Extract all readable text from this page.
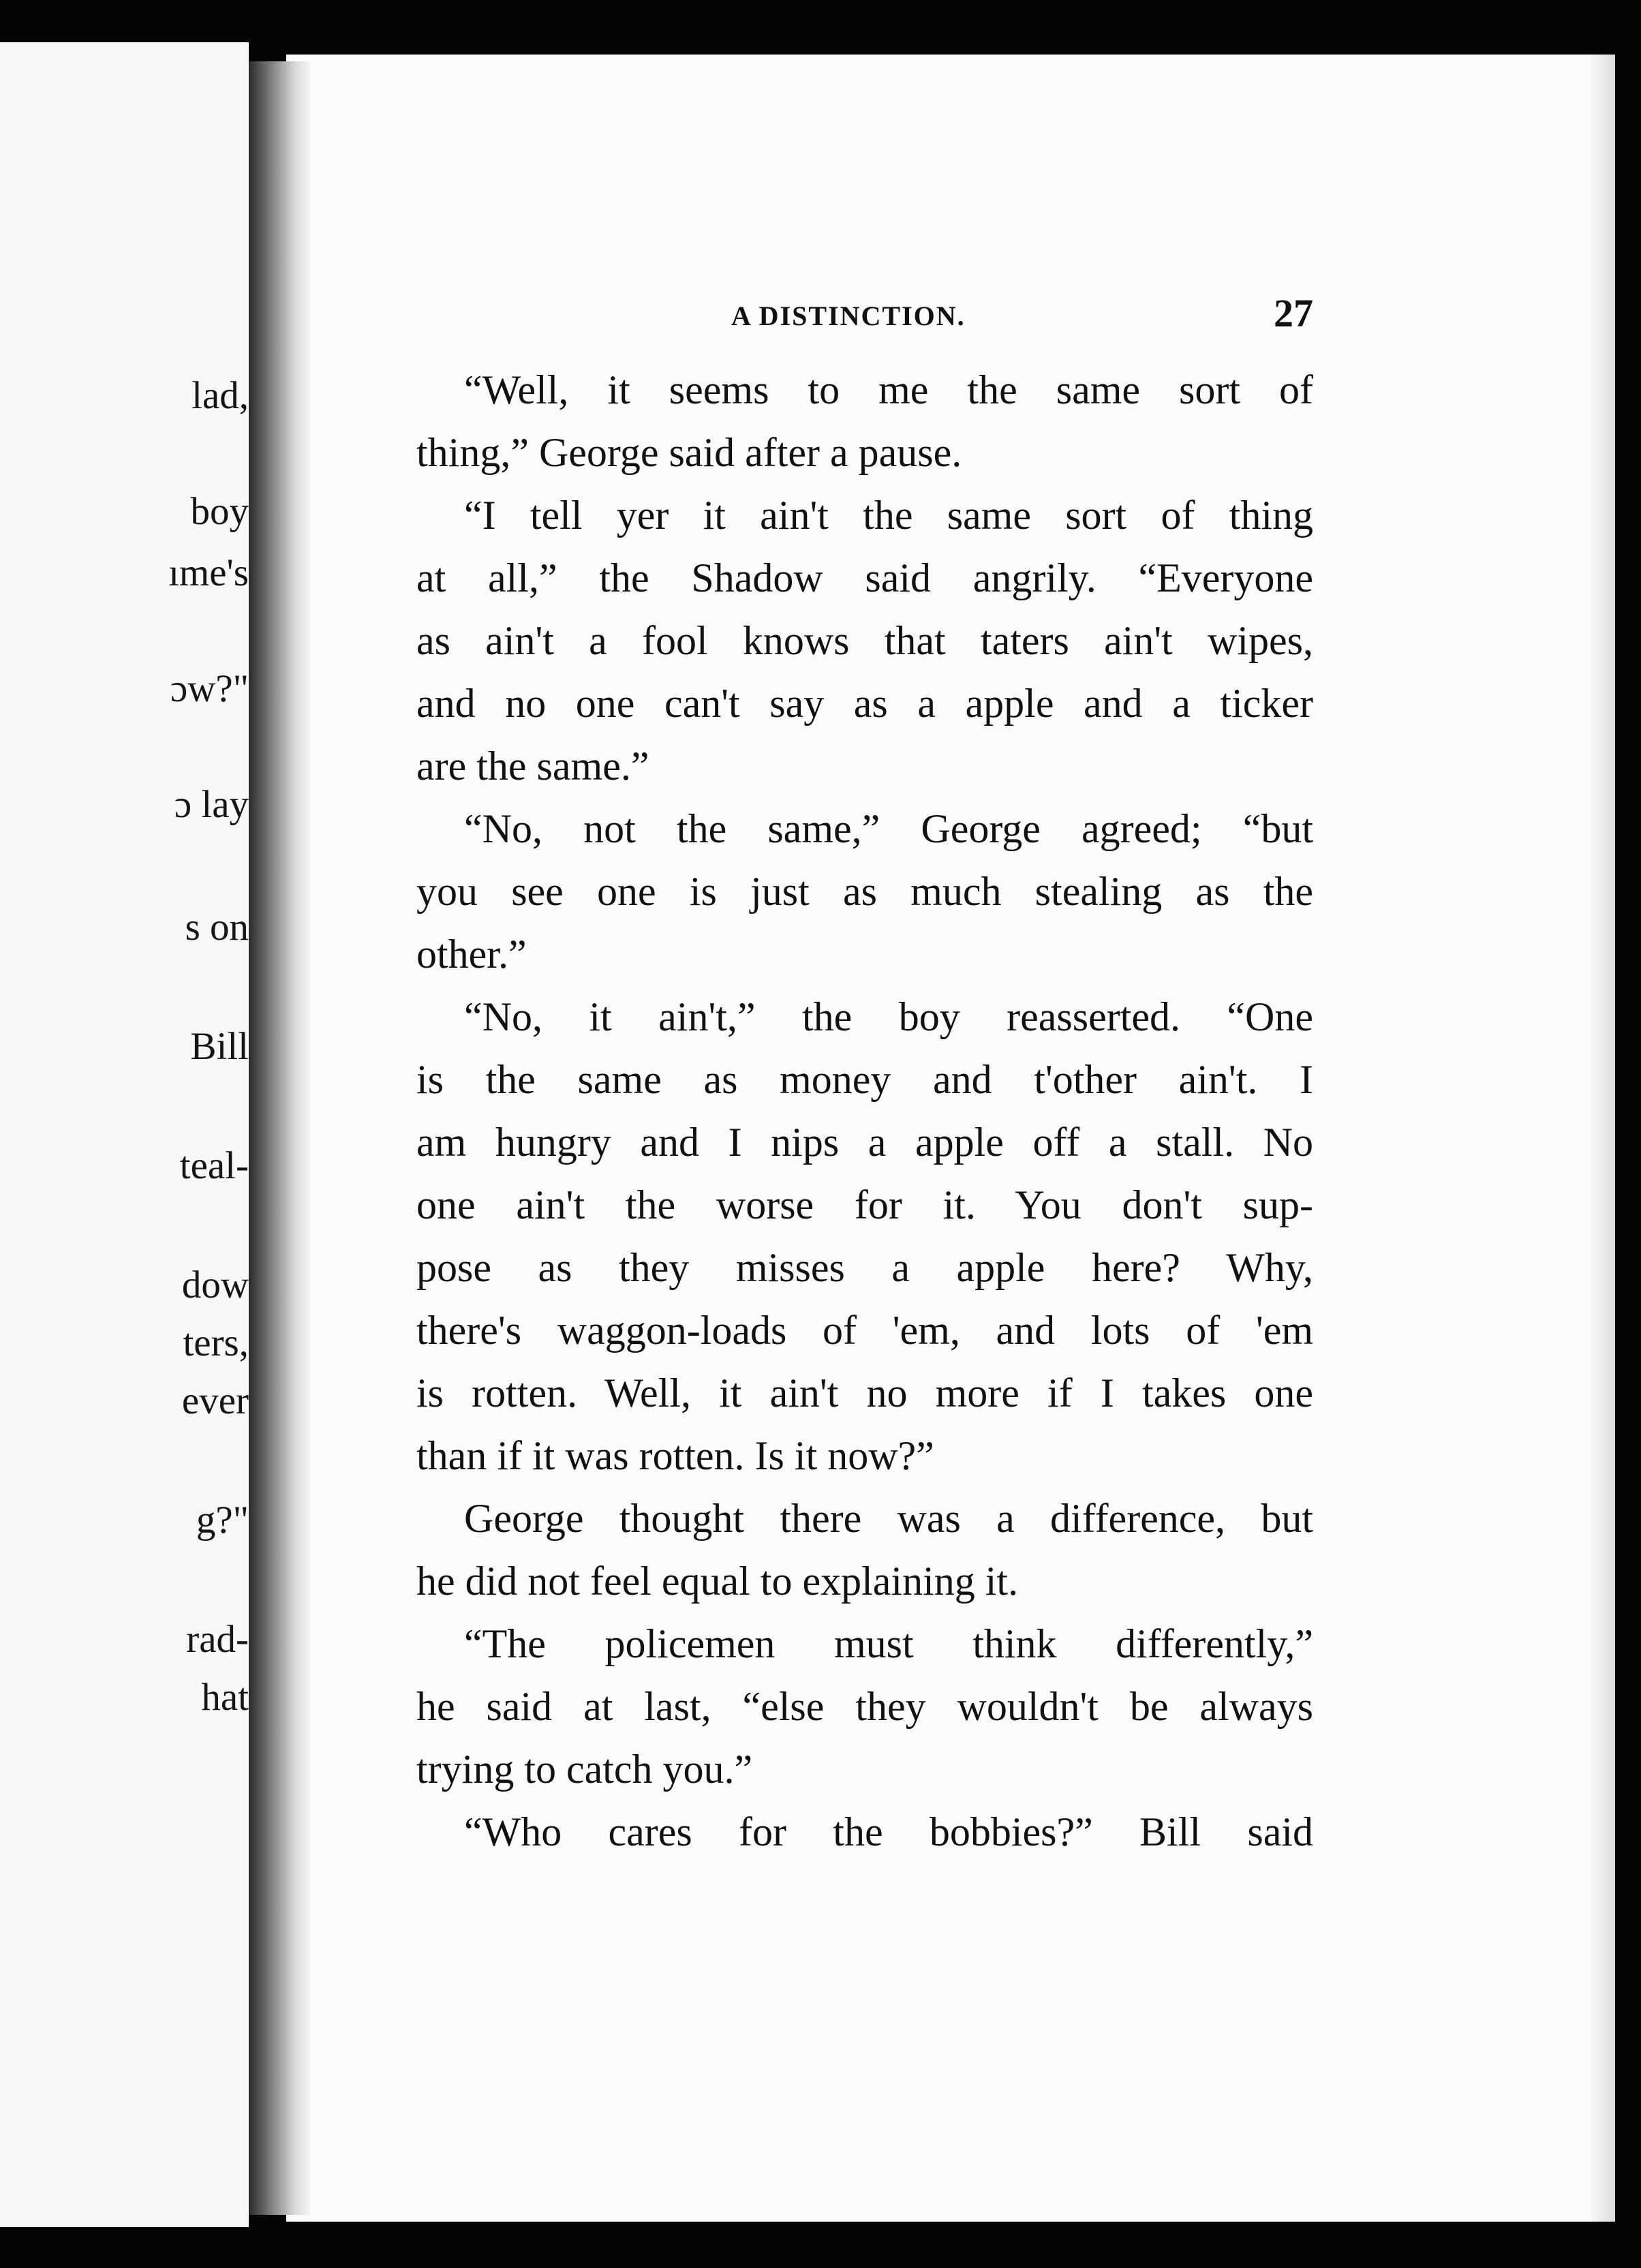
lad,
boy
ıme's
ɔw?"
ɔ lay
s on
Bill
teal-
dow
ters,
ever
g?"
rad-
hat
A DISTINCTION.	27
“Well, it seems to me the same sort of
thing,” George said after a pause.
“I tell yer it ain't the same sort of thing
at all,” the Shadow said angrily. “Everyone
as ain't a fool knows that taters ain't wipes,
and no one can't say as a apple and a ticker
are the same.”
“No, not the same,” George agreed; “but
you see one is just as much stealing as the
other.”
“No, it ain't,” the boy reasserted. “One
is the same as money and t'other ain't. I
am hungry and I nips a apple off a stall. No
one ain't the worse for it. You don't sup-
pose as they misses a apple here? Why,
there's waggon-loads of 'em, and lots of 'em
is rotten. Well, it ain't no more if I takes one
than if it was rotten. Is it now?”
George thought there was a difference, but
he did not feel equal to explaining it.
“The policemen must think differently,”
he said at last, “else they wouldn't be always
trying to catch you.”
“Who cares for the bobbies?” Bill said
